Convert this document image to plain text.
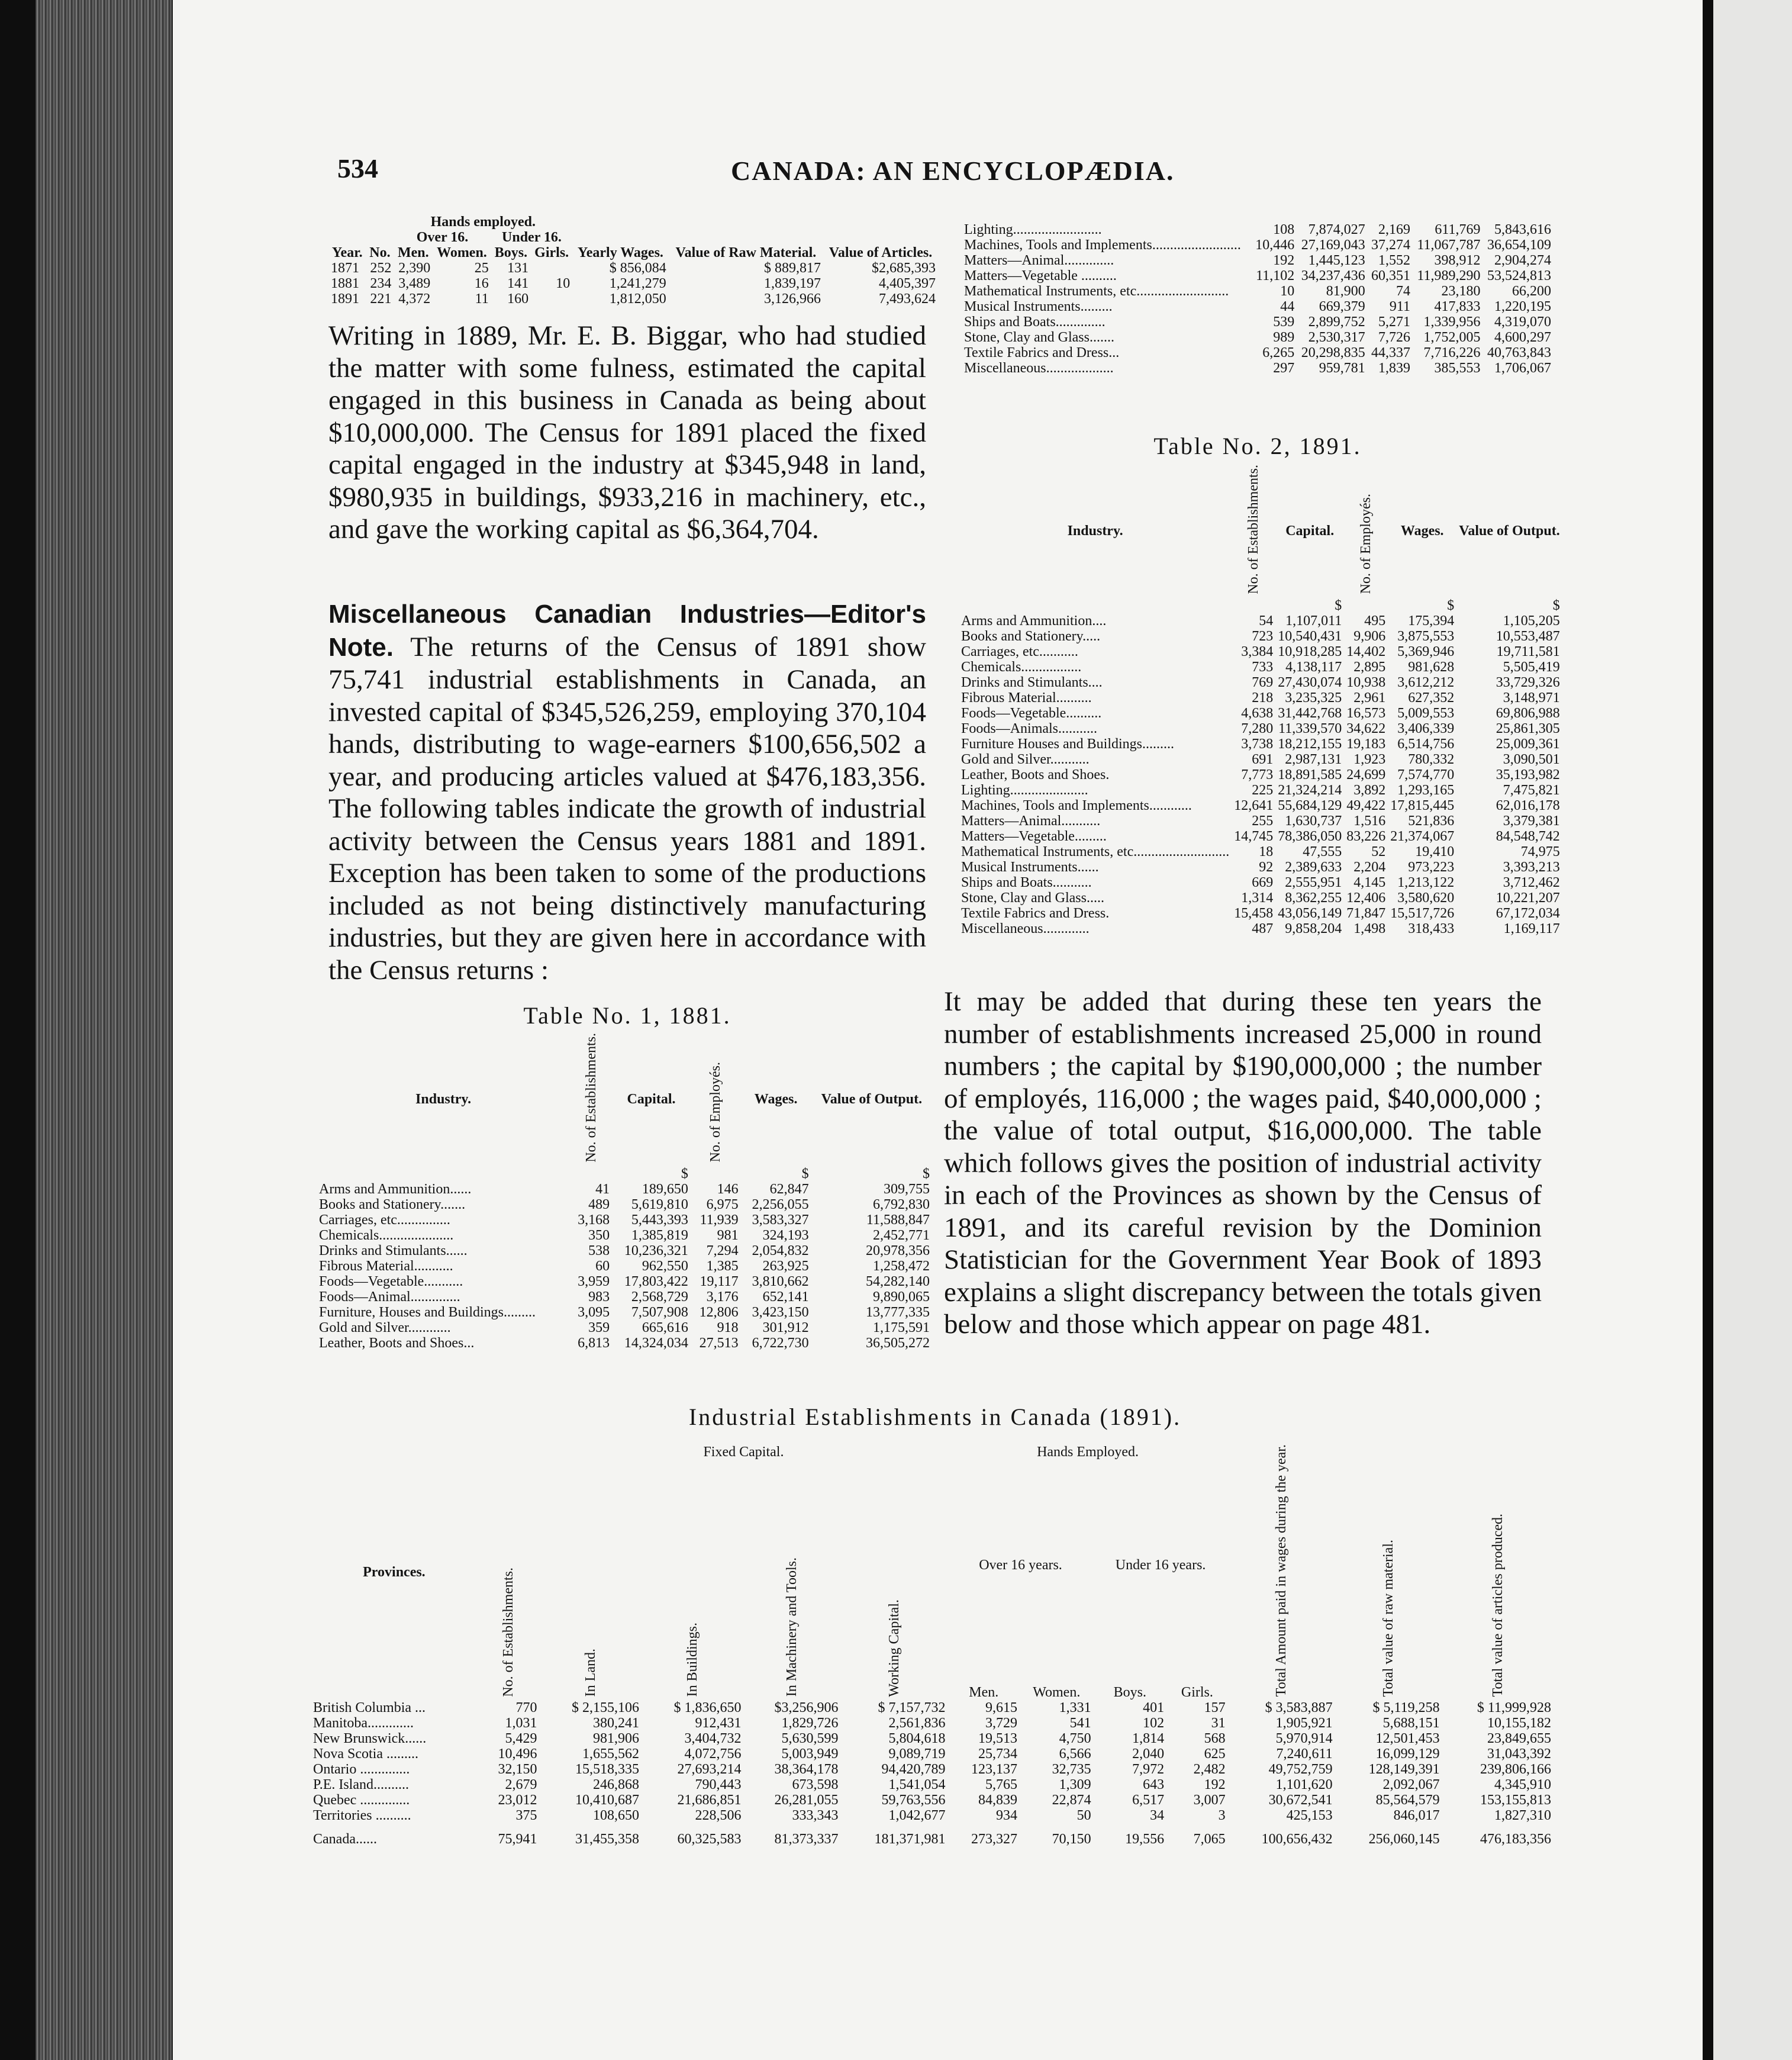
534	CANADA: AN ENCYCLOPÆDIA.
Year.	No.	Hands employed.				Yearly Wages.	Value of Raw Material.	Value of Articles.
		Over 16.		Under 16.				
		Men.	Women.	Boys.	Girls.			
1871	252	2,390	25	131		$ 856,084	$ 889,817	$2,685,393
1881	234	3,489	16	141	10	1,241,279	1,839,197	4,405,397
1891	221	4,372	11	160		1,812,050	3,126,966	7,493,624

Writing in 1889, Mr. E. B. Biggar, who had studied the matter with some fulness, estimated the capital engaged in this business in Canada as being about $10,000,000. The Census for 1891 placed the fixed capital engaged in the industry at $345,948 in land, $980,935 in buildings, $933,216 in machinery, etc., and gave the working capital as $6,364,704.

Miscellaneous Canadian Industries—Editor's Note. The returns of the Census of 1891 show 75,741 industrial establishments in Canada, an invested capital of $345,526,259, employing 370,104 hands, distributing to wage-earners $100,656,502 a year, and producing articles valued at $476,183,356. The following tables indicate the growth of industrial activity between the Census years 1881 and 1891. Exception has been taken to some of the productions included as not being distinctively manufacturing industries, but they are given here in accordance with the Census returns :

Table No. 1, 1881.
Industry.	No. of Establishments.	Capital.	No. of Employés.	Wages.	Value of Output.
		$		$	$
Arms and Ammunition......	41	189,650	146	62,847	309,755
Books and Stationery.......	489	5,619,810	6,975	2,256,055	6,792,830
Carriages, etc...............	3,168	5,443,393	11,939	3,583,327	11,588,847
Chemicals.....................	350	1,385,819	981	324,193	2,452,771
Drinks and Stimulants......	538	10,236,321	7,294	2,054,832	20,978,356
Fibrous Material...........	60	962,550	1,385	263,925	1,258,472
Foods—Vegetable...........	3,959	17,803,422	19,117	3,810,662	54,282,140
Foods—Animal..............	983	2,568,729	3,176	652,141	9,890,065
Furniture, Houses and Buildings.........	3,095	7,507,908	12,806	3,423,150	13,777,335
Gold and Silver............	359	665,616	918	301,912	1,175,591
Leather, Boots and Shoes...	6,813	14,324,034	27,513	6,722,730	36,505,272
Lighting.........................	108	7,874,027	2,169	611,769	5,843,616
Machines, Tools and Implements.........................	10,446	27,169,043	37,274	11,067,787	36,654,109
Matters—Animal..............	192	1,445,123	1,552	398,912	2,904,274
Matters—Vegetable ..........	11,102	34,237,436	60,351	11,989,290	53,524,813
Mathematical Instruments, etc..........................	10	81,900	74	23,180	66,200
Musical Instruments.........	44	669,379	911	417,833	1,220,195
Ships and Boats..............	539	2,899,752	5,271	1,339,956	4,319,070
Stone, Clay and Glass.......	989	2,530,317	7,726	1,752,005	4,600,297
Textile Fabrics and Dress...	6,265	20,298,835	44,337	7,716,226	40,763,843
Miscellaneous...................	297	959,781	1,839	385,553	1,706,067
Table No. 2, 1891.
Industry.	No. of Establishments.	Capital.	No. of Employés.	Wages.	Value of Output.
		$		$	$
Arms and Ammunition....	54	1,107,011	495	175,394	1,105,205
Books and Stationery.....	723	10,540,431	9,906	3,875,553	10,553,487
Carriages, etc...........	3,384	10,918,285	14,402	5,369,946	19,711,581
Chemicals.................	733	4,138,117	2,895	981,628	5,505,419
Drinks and Stimulants....	769	27,430,074	10,938	3,612,212	33,729,326
Fibrous Material..........	218	3,235,325	2,961	627,352	3,148,971
Foods—Vegetable..........	4,638	31,442,768	16,573	5,009,553	69,806,988
Foods—Animals...........	7,280	11,339,570	34,622	3,406,339	25,861,305
Furniture Houses and Buildings.........	3,738	18,212,155	19,183	6,514,756	25,009,361
Gold and Silver...........	691	2,987,131	1,923	780,332	3,090,501
Leather, Boots and Shoes.	7,773	18,891,585	24,699	7,574,770	35,193,982
Lighting......................	225	21,324,214	3,892	1,293,165	7,475,821
Machines, Tools and Implements............	12,641	55,684,129	49,422	17,815,445	62,016,178
Matters—Animal...........	255	1,630,737	1,516	521,836	3,379,381
Matters—Vegetable.........	14,745	78,386,050	83,226	21,374,067	84,548,742
Mathematical Instruments, etc...........................	18	47,555	52	19,410	74,975
Musical Instruments......	92	2,389,633	2,204	973,223	3,393,213
Ships and Boats...........	669	2,555,951	4,145	1,213,122	3,712,462
Stone, Clay and Glass.....	1,314	8,362,255	12,406	3,580,620	10,221,207
Textile Fabrics and Dress.	15,458	43,056,149	71,847	15,517,726	67,172,034
Miscellaneous.............	487	9,858,204	1,498	318,433	1,169,117

It may be added that during these ten years the number of establishments increased 25,000 in round numbers ; the capital by $190,000,000 ; the number of employés, 116,000 ; the wages paid, $40,000,000 ; the value of total output, $16,000,000. The table which follows gives the position of industrial activity in each of the Provinces as shown by the Census of 1891, and its careful revision by the Dominion Statistician for the Government Year Book of 1893 explains a slight discrepancy between the totals given below and those which appear on page 481.

Industrial Establishments in Canada (1891).
Provinces.	No. of Establishments.	Fixed Capital.				Hands Employed.				Total Amount paid in wages during the year.	Total value of raw material.	Total value of articles produced.
		In Land.	In Buildings.	In Machinery and Tools.	Working Capital.	Over 16 years.		Under 16 years.				
						Men.	Women.	Boys.	Girls.			
British Columbia ...	770	$ 2,155,106	$ 1,836,650	$3,256,906	$ 7,157,732	9,615	1,331	401	157	$ 3,583,887	$ 5,119,258	$ 11,999,928
Manitoba.............	1,031	380,241	912,431	1,829,726	2,561,836	3,729	541	102	31	1,905,921	5,688,151	10,155,182
New Brunswick......	5,429	981,906	3,404,732	5,630,599	5,804,618	19,513	4,750	1,814	568	5,970,914	12,501,453	23,849,655
Nova Scotia .........	10,496	1,655,562	4,072,756	5,003,949	9,089,719	25,734	6,566	2,040	625	7,240,611	16,099,129	31,043,392
Ontario ..............	32,150	15,518,335	27,693,214	38,364,178	94,420,789	123,137	32,735	7,972	2,482	49,752,759	128,149,391	239,806,166
P.E. Island..........	2,679	246,868	790,443	673,598	1,541,054	5,765	1,309	643	192	1,101,620	2,092,067	4,345,910
Quebec ..............	23,012	10,410,687	21,686,851	26,281,055	59,763,556	84,839	22,874	6,517	3,007	30,672,541	85,564,579	153,155,813
Territories ..........	375	108,650	228,506	333,343	1,042,677	934	50	34	3	425,153	846,017	1,827,310
Canada......	75,941	31,455,358	60,325,583	81,373,337	181,371,981	273,327	70,150	19,556	7,065	100,656,432	256,060,145	476,183,356
